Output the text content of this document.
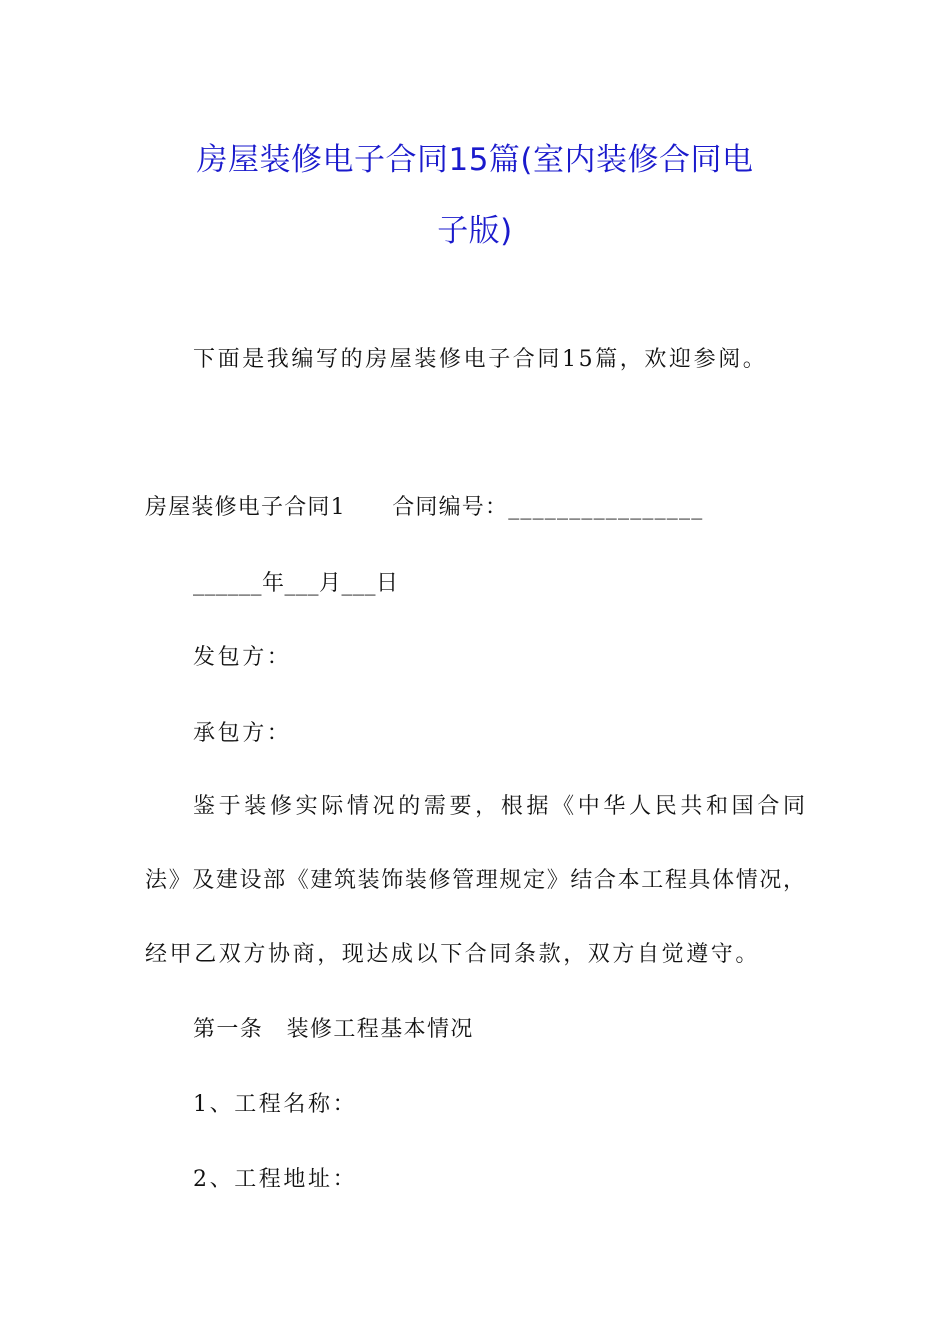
房屋装修电子合同15篇(室内装修合同电
子版)
下面是我编写的房屋装修电子合同15篇，欢迎参阅。
房屋装修电子合同1　　合同编号：________________
______年___月___日
发包方：
承包方：
鉴于装修实际情况的需要，根据《中华人民共和国合同
法》及建设部《建筑装饰装修管理规定》结合本工程具体情况，
经甲乙双方协商，现达成以下合同条款，双方自觉遵守。
第一条　装修工程基本情况
1、工程名称：
2、工程地址：
